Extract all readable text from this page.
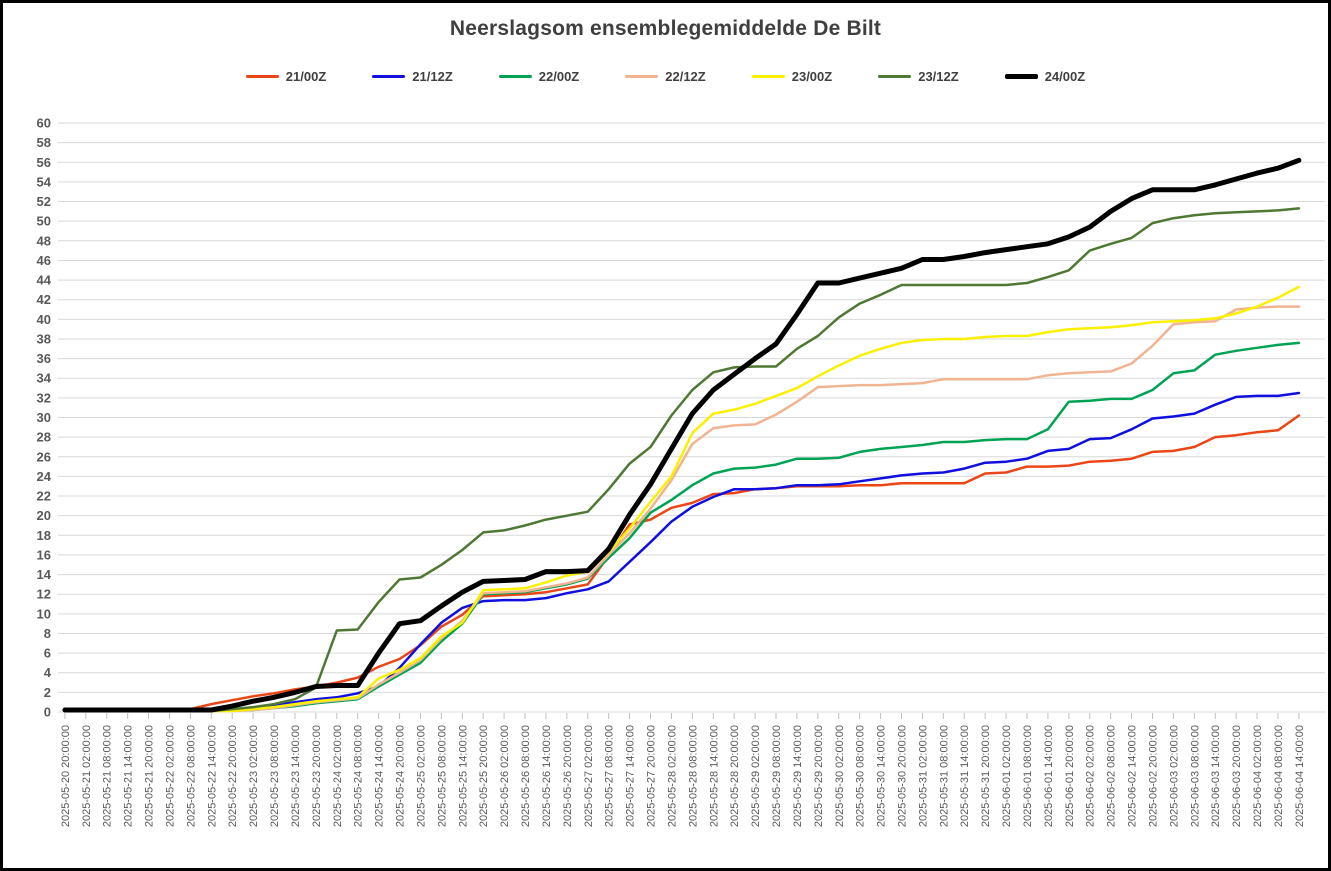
0
2
4
6
8
10
12
14
16
18
20
22
24
26
28
30
32
34
36
38
40
42
44
46
48
50
52
54
56
58
60
2025-05-20 20:00:00 2025-05-21 02:00:00 2025-05-21 08:00:00 2025-05-21 14:00:00 2025-05-21 20:00:00 2025-05-22 02:00:00 2025-05-22 08:00:00 2025-05-22 14:00:00 2025-05-22 20:00:00 2025-05-23 02:00:00 2025-05-23 08:00:00 2025-05-23 14:00:00 2025-05-23 20:00:00 2025-05-24 02:00:00 2025-05-24 08:00:00 2025-05-24 14:00:00 2025-05-24 20:00:00 2025-05-25 02:00:00 2025-05-25 08:00:00 2025-05-25 14:00:00 2025-05-25 20:00:00 2025-05-26 02:00:00 2025-05-26 08:00:00 2025-05-26 14:00:00 2025-05-26 20:00:00 2025-05-27 02:00:00 2025-05-27 08:00:00 2025-05-27 14:00:00 2025-05-27 20:00:00 2025-05-28 02:00:00 2025-05-28 08:00:00 2025-05-28 14:00:00 2025-05-28 20:00:00 2025-05-29 02:00:00 2025-05-29 08:00:00 2025-05-29 14:00:00 2025-05-29 20:00:00 2025-05-30 02:00:00 2025-05-30 08:00:00 2025-05-30 14:00:00 2025-05-30 20:00:00 2025-05-31 02:00:00 2025-05-31 08:00:00 2025-05-31 14:00:00 2025-05-31 20:00:00 2025-06-01 02:00:00 2025-06-01 08:00:00 2025-06-01 14:00:00 2025-06-01 20:00:00 2025-06-02 02:00:00 2025-06-02 08:00:00 2025-06-02 14:00:00 2025-06-02 20:00:00 2025-06-03 02:00:00 2025-06-03 08:00:00 2025-06-03 14:00:00 2025-06-03 20:00:00 2025-06-04 02:00:00 2025-06-04 08:00:00 2025-06-04 14:00:00
Neerslagsom ensemblegemiddelde De Bilt
21/00Z	21/12Z	22/00Z	22/12Z	23/00Z	23/12Z	24/00Z
